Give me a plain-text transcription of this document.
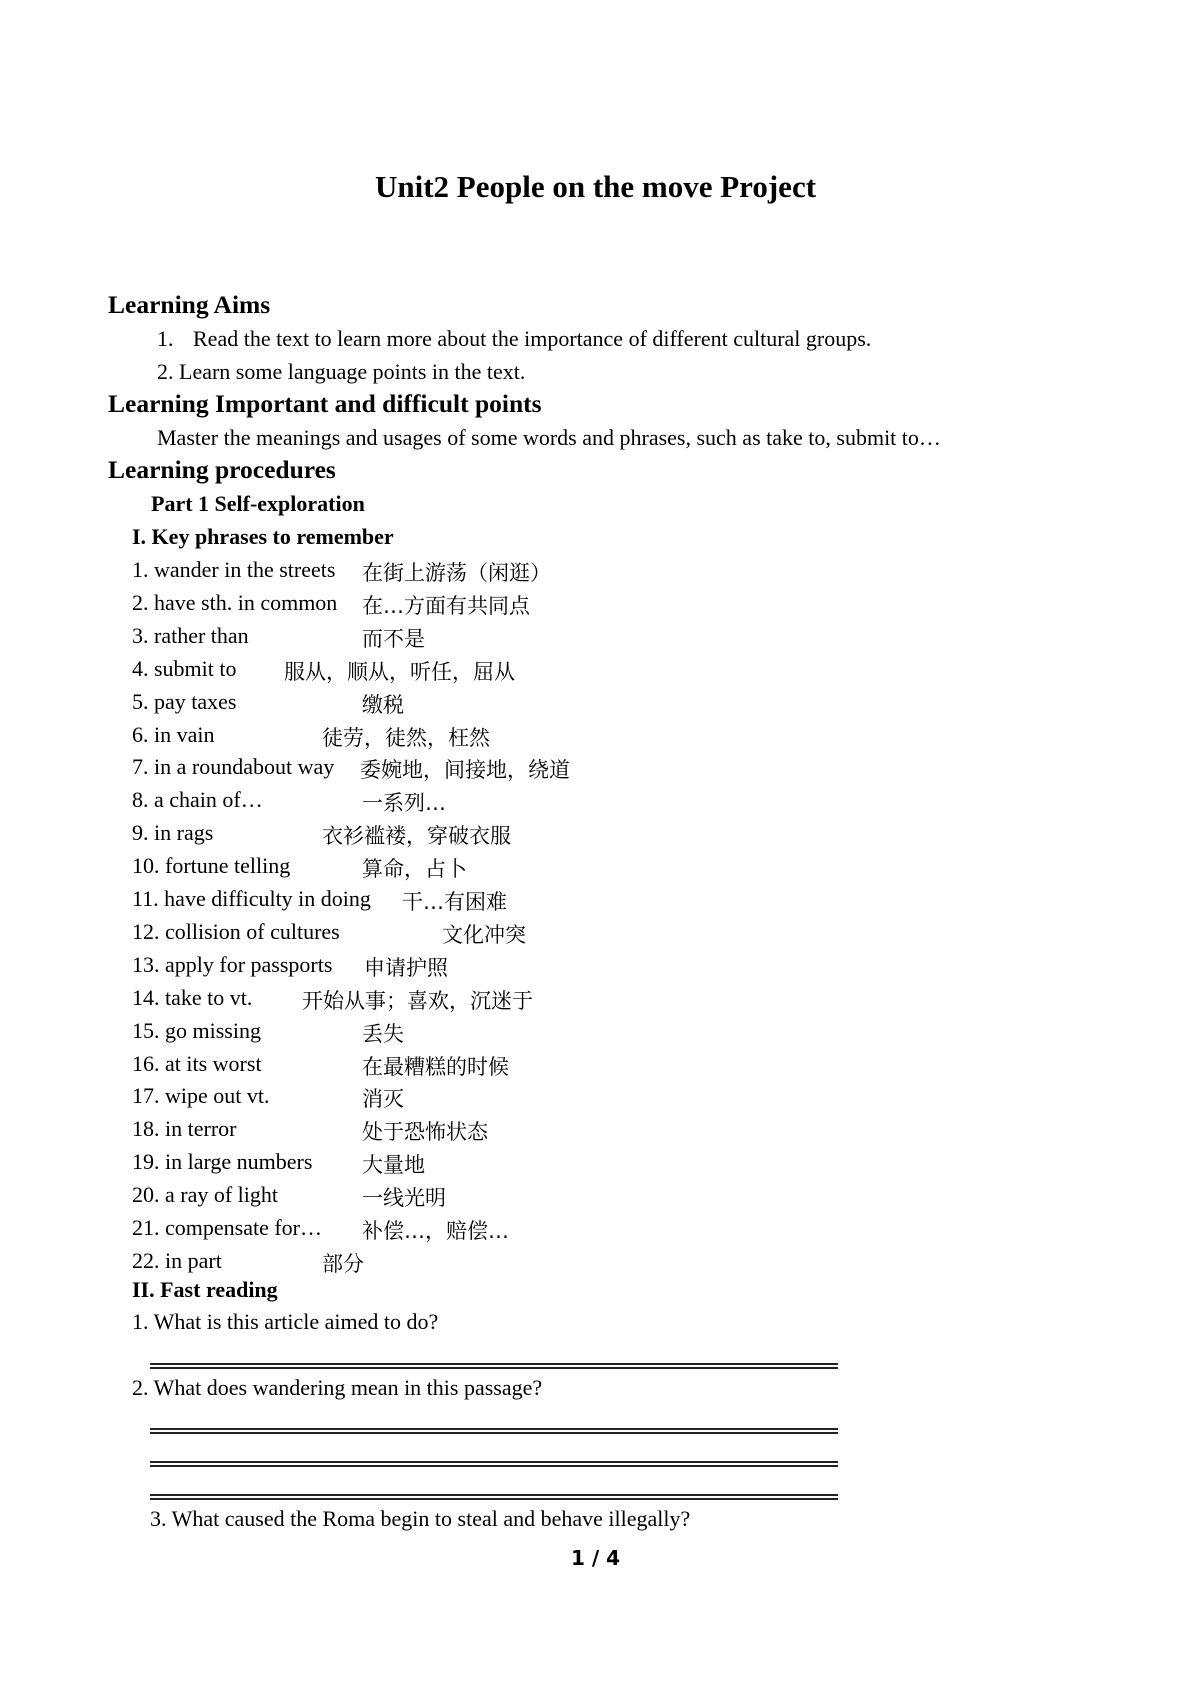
Unit2 People on the move Project
Learning Aims
1. Read the text to learn more about the importance of different cultural groups.
2. Learn some language points in the text.
Learning Important and difficult points
Master the meanings and usages of some words and phrases, such as take to, submit to…
Learning procedures
Part 1 Self-exploration
I. Key phrases to remember
1. wander in the streets 在街上游荡（闲逛）
2. have sth. in common 在…方面有共同点
3. rather than	而不是
4. submit to 服从，顺从，听任，屈从
5. pay taxes	缴税
6. in vain	徒劳，徒然，枉然
7. in a roundabout way 委婉地，间接地，绕道
8. a chain of…	一系列…
9. in rags	衣衫褴褛，穿破衣服
10. fortune telling	算命，占卜
11. have difficulty in doing 干…有困难
12. collision of cultures	文化冲突
13. apply for passports 申请护照
14. take to vt. 开始从事；喜欢，沉迷于
15. go missing	丢失
16. at its worst	在最糟糕的时候
17. wipe out vt.	消灭
18. in terror	处于恐怖状态
19. in large numbers 大量地
20. a ray of light	一线光明
21. compensate for… 补偿…，赔偿…
22. in part	部分
II. Fast reading
1. What is this article aimed to do?
2. What does wandering mean in this passage?
3. What caused the Roma begin to steal and behave illegally?
1 / 4
